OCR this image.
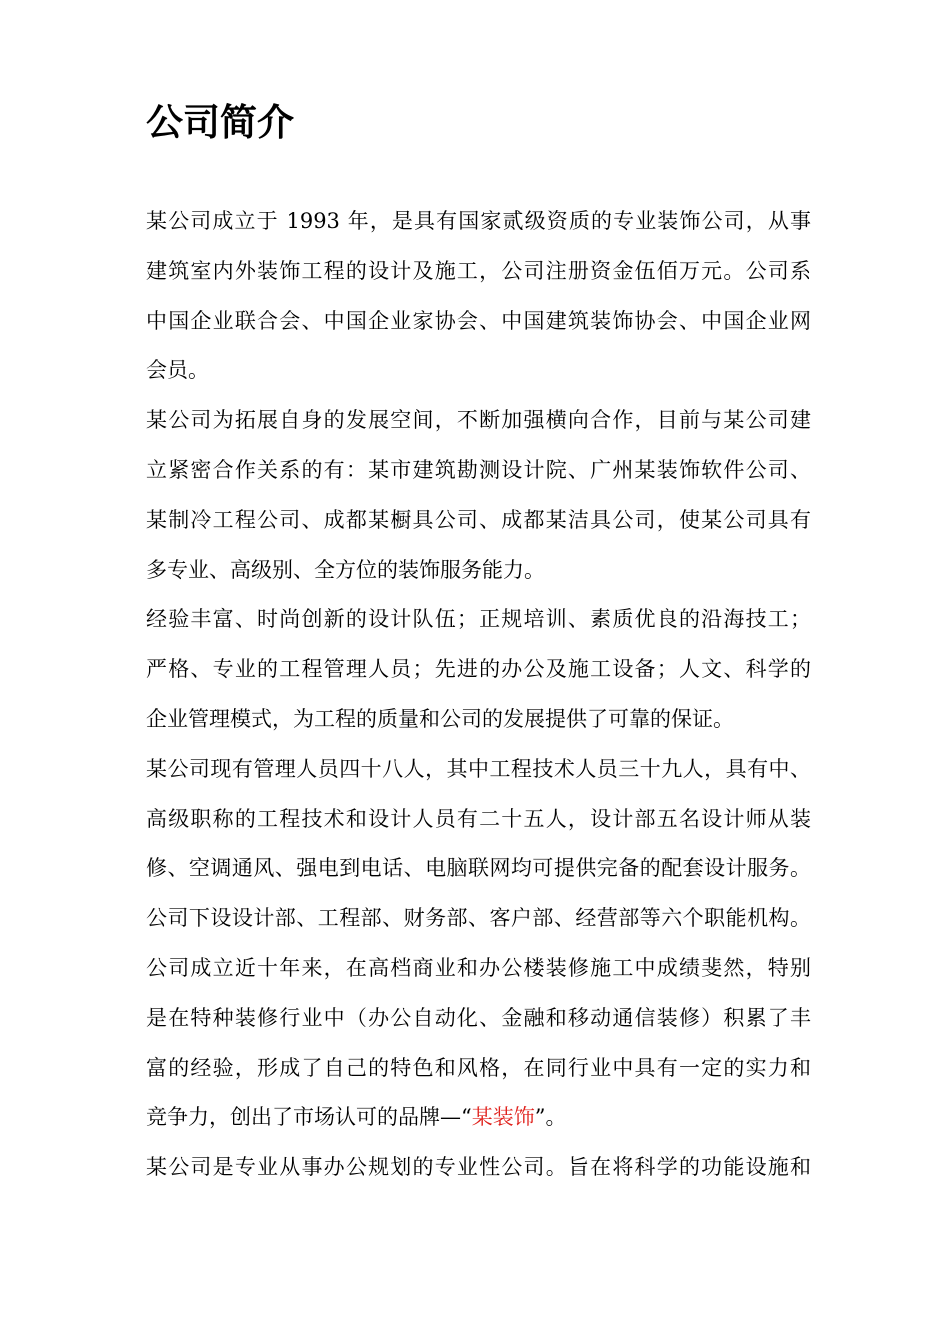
公司简介
某公司成立于 1993 年，是具有国家贰级资质的专业装饰公司，从事
建筑室内外装饰工程的设计及施工，公司注册资金伍佰万元。公司系
中国企业联合会、中国企业家协会、中国建筑装饰协会、中国企业网
会员。
某公司为拓展自身的发展空间，不断加强横向合作，目前与某公司建
立紧密合作关系的有：某市建筑勘测设计院、广州某装饰软件公司、
某制冷工程公司、成都某橱具公司、成都某洁具公司，使某公司具有
多专业、高级别、全方位的装饰服务能力。
经验丰富、时尚创新的设计队伍；正规培训、素质优良的沿海技工；
严格、专业的工程管理人员；先进的办公及施工设备；人文、科学的
企业管理模式，为工程的质量和公司的发展提供了可靠的保证。
某公司现有管理人员四十八人，其中工程技术人员三十九人，具有中、
高级职称的工程技术和设计人员有二十五人，设计部五名设计师从装
修、空调通风、强电到电话、电脑联网均可提供完备的配套设计服务。
公司下设设计部、工程部、财务部、客户部、经营部等六个职能机构。
公司成立近十年来，在高档商业和办公楼装修施工中成绩斐然，特别
是在特种装修行业中（办公自动化、金融和移动通信装修）积累了丰
富的经验，形成了自己的特色和风格，在同行业中具有一定的实力和
竞争力，创出了市场认可的品牌—“某装饰”。
某公司是专业从事办公规划的专业性公司。旨在将科学的功能设施和
